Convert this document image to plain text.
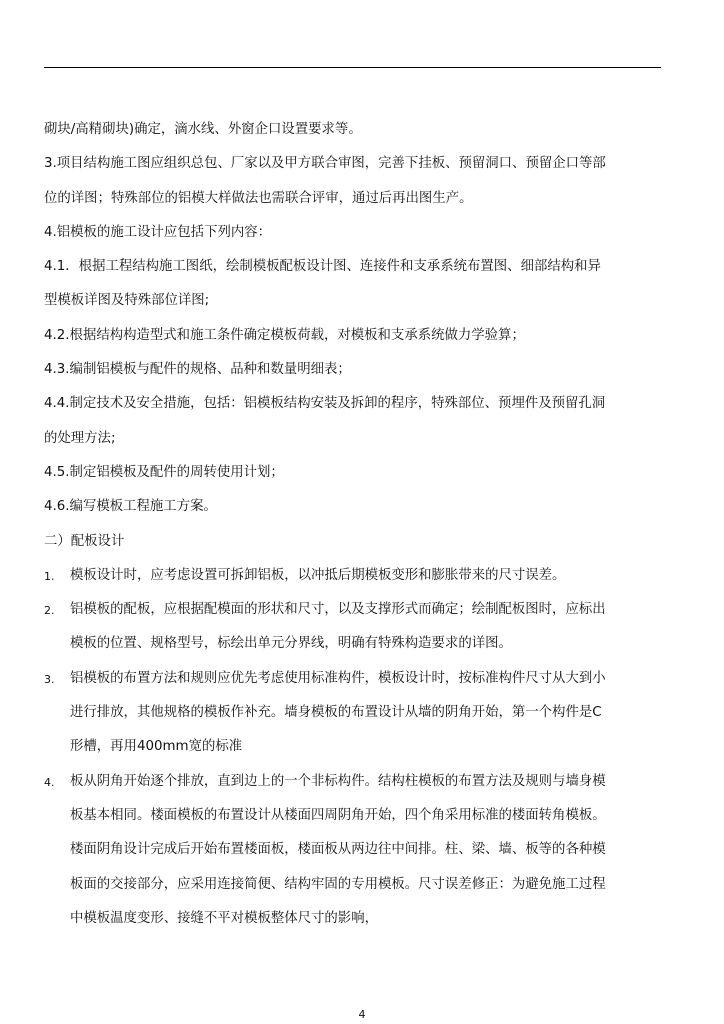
砌块/高精砌块)确定，滴水线、外窗企口设置要求等。
3.项目结构施工图应组织总包、厂家以及甲方联合审图，完善下挂板、预留洞口、预留企口等部
位的详图；特殊部位的铝模大样做法也需联合评审，通过后再出图生产。
4.铝模板的施工设计应包括下列内容：
4.1．根据工程结构施工图纸，绘制模板配板设计图、连接件和支承系统布置图、细部结构和异
型模板详图及特殊部位详图;
4.2.根据结构构造型式和施工条件确定模板荷载，对模板和支承系统做力学验算；
4.3.编制铝模板与配件的规格、品种和数量明细表；
4.4.制定技术及安全措施，包括：铝模板结构安装及拆卸的程序，特殊部位、预埋件及预留孔洞
的处理方法;
4.5.制定铝模板及配件的周转使用计划；
4.6.编写模板工程施工方案。
二）配板设计
1. 模板设计时，应考虑设置可拆卸铝板，以冲抵后期模板变形和膨胀带来的尺寸误差。
2. 铝模板的配板，应根据配模面的形状和尺寸，以及支撑形式而确定；绘制配板图时，应标出
模板的位置、规格型号，标绘出单元分界线，明确有特殊构造要求的详图。
3. 铝模板的布置方法和规则应优先考虑使用标准构件，模板设计时，按标准构件尺寸从大到小
进行排放，其他规格的模板作补充。墙身模板的布置设计从墙的阴角开始，第一个构件是C
形槽，再用400mm宽的标准
4. 板从阴角开始逐个排放，直到边上的一个非标构件。结构柱模板的布置方法及规则与墙身模
板基本相同。楼面模板的布置设计从楼面四周阴角开始，四个角采用标准的楼面转角模板。
楼面阴角设计完成后开始布置楼面板，楼面板从两边往中间排。柱、梁、墙、板等的各种模
板面的交接部分，应采用连接简便、结构牢固的专用模板。尺寸误差修正：为避免施工过程
中模板温度变形、接缝不平对模板整体尺寸的影响，
4
